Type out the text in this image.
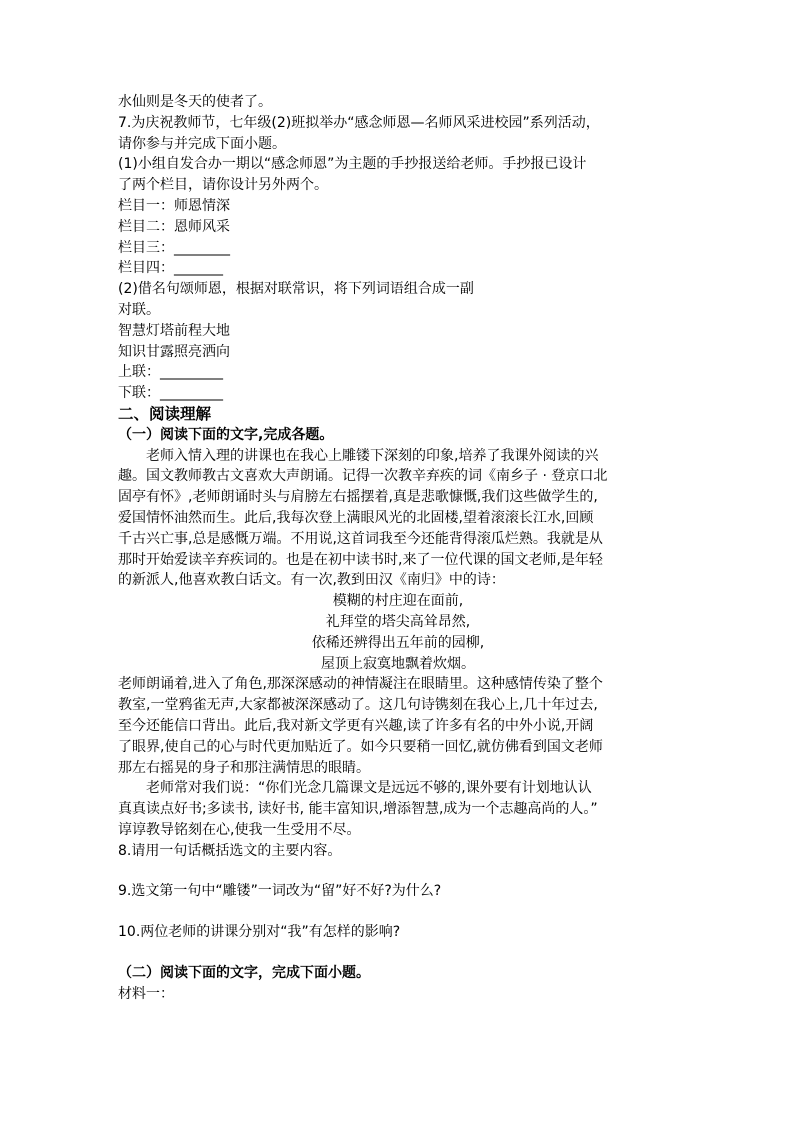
水仙则是冬天的使者了。
7.为庆祝教师节，七年级(2)班拟举办“感念师恩—名师风采进校园”系列活动，
请你参与并完成下面小题。
(1)小组自发合办一期以“感念师恩”为主题的手抄报送给老师。手抄报已设计
了两个栏目，请你设计另外两个。
栏目一：师恩情深
栏目二：恩师风采
栏目三：________
栏目四：_______
(2)借名句颂师恩，根据对联常识，将下列词语组合成一副
对联。
智慧灯塔前程大地
知识甘露照亮洒向
上联：_________
下联：_________
二、阅读理解
（一）阅读下面的文字,完成各题。
老师入情入理的讲课也在我心上雕镂下深刻的印象,培养了我课外阅读的兴
趣。国文教师教古文喜欢大声朗诵。记得一次教辛弃疾的词《南乡子 · 登京口北
固亭有怀》,老师朗诵时头与肩膀左右摇摆着,真是悲歌慷慨,我们这些做学生的,
爱国情怀油然而生。此后,我每次登上满眼风光的北固楼,望着滚滚长江水,回顾
千古兴亡事,总是感慨万端。不用说,这首词我至今还能背得滚瓜烂熟。我就是从
那时开始爱读辛弃疾词的。也是在初中读书时,来了一位代课的国文老师,是年轻
的新派人,他喜欢教白话文。有一次,教到田汉《南归》中的诗：
模糊的村庄迎在面前,
礼拜堂的塔尖高耸昂然,
依稀还辨得出五年前的园柳,
屋顶上寂寞地飘着炊烟。
老师朗诵着,进入了角色,那深深感动的神情凝注在眼睛里。这种感情传染了整个
教室,一堂鸦雀无声,大家都被深深感动了。这几句诗镌刻在我心上,几十年过去,
至今还能信口背出。此后,我对新文学更有兴趣,读了许多有名的中外小说,开阔
了眼界,使自己的心与时代更加贴近了。如今只要稍一回忆,就仿佛看到国文老师
那左右摇晃的身子和那注满情思的眼睛。
老师常对我们说：“你们光念几篇课文是远远不够的,课外要有计划地认认
真真读点好书;多读书, 读好书, 能丰富知识,增添智慧,成为一个志趣高尚的人。”
谆谆教导铭刻在心,使我一生受用不尽。
8.请用一句话概括选文的主要内容。
9.选文第一句中“雕镂”一词改为“留”好不好?为什么?
10.两位老师的讲课分别对“我”有怎样的影响?
（二）阅读下面的文字，完成下面小题。
材料一：
